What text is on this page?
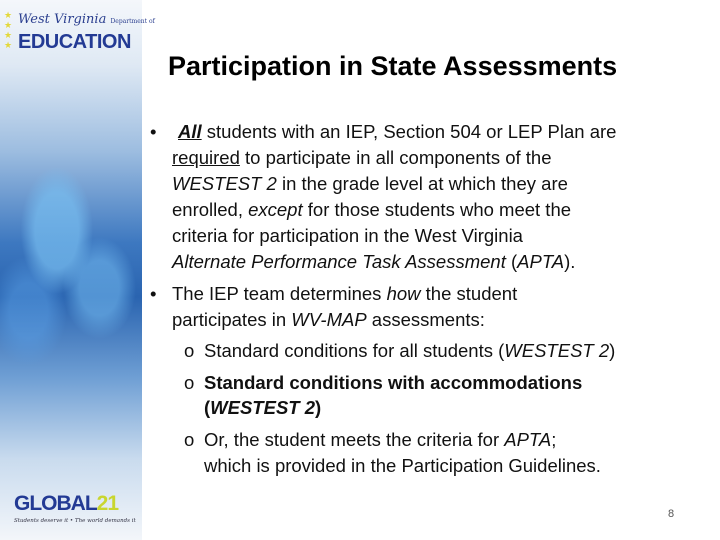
★
★
★
★
West Virginia Department of
EDUCATION
GLOBAL21
Students deserve it • The world demands it
Participation in State Assessments
• All students with an IEP, Section 504 or LEP Plan are
required to participate in all components of the
WESTEST 2 in the grade level at which they are
enrolled, except for those students who meet the
criteria for participation in the West Virginia
Alternate Performance Task Assessment (APTA).
• The IEP team determines how the student
participates in WV-MAP assessments:
o Standard conditions for all students (WESTEST 2)
o Standard conditions with accommodations
(WESTEST 2)
o Or, the student meets the criteria for APTA;
which is provided in the Participation Guidelines.
8
